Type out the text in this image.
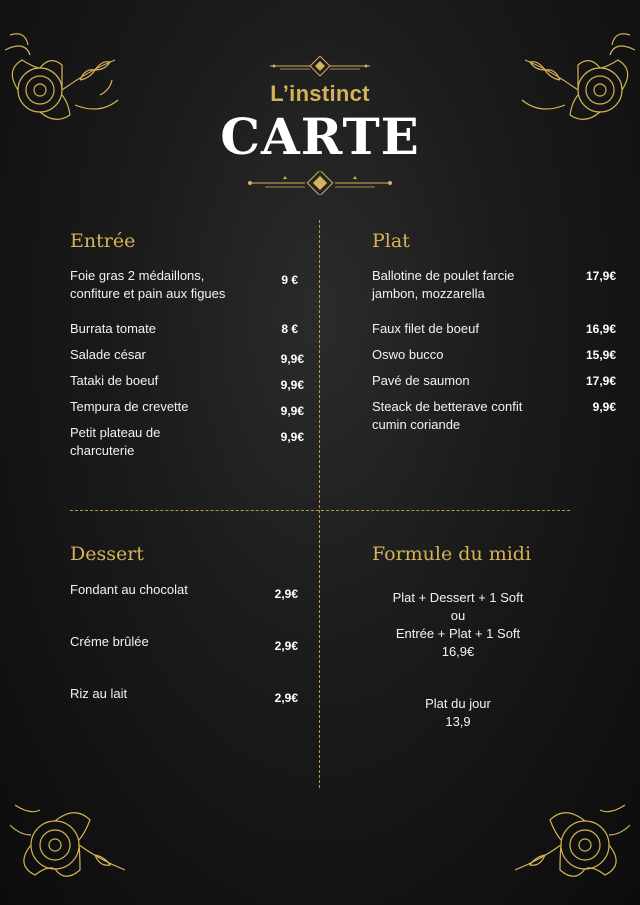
L’instinct
CARTE
Entrée
Foie gras 2 médaillons,
confiture et pain aux figues
9 €
Burrata tomate	8 €
Salade césar	9,9€
Tataki de boeuf	9,9€
Tempura de crevette	9,9€
Petit plateau de
charcuterie
9,9€
Plat
Ballotine de poulet farcie
jambon, mozzarella
17,9€
Faux filet de boeuf	16,9€
Oswo bucco	15,9€
Pavé de saumon	17,9€
Steack de betterave confit
cumin coriande
9,9€
Dessert
Fondant au chocolat	2,9€
Créme brûlée	2,9€
Riz au lait	2,9€
Formule du midi
Plat + Dessert + 1 Soft
ou
Entrée + Plat + 1 Soft
16,9€
Plat du jour
13,9
